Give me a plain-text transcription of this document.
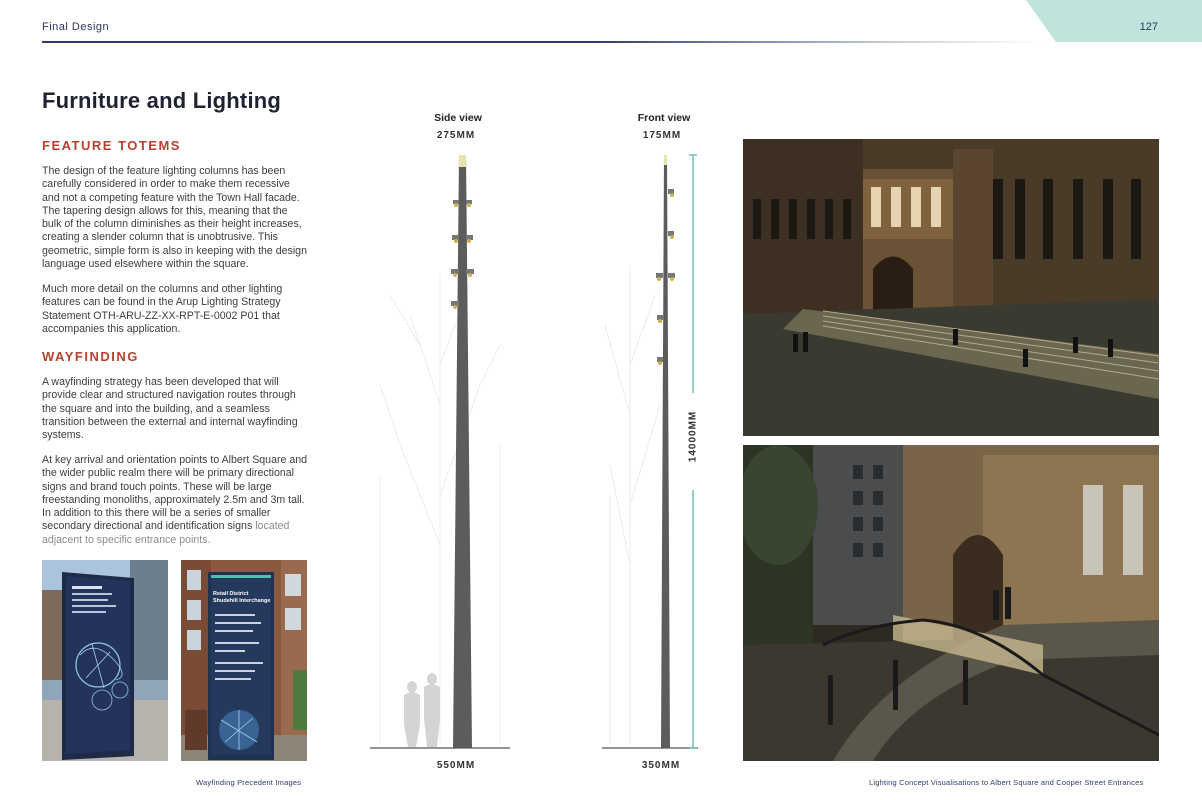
Final Design	127
Furniture and Lighting
FEATURE TOTEMS
The design of the feature lighting columns has been carefully considered in order to make them recessive and not a competing feature with the Town Hall facade. The tapering design allows for this, meaning that the bulk of the column diminishes as their height increases, creating a slender column that is unobtrusive. This geometric, simple form is also in keeping with the design language used elsewhere within the square.
Much more detail on the columns and other lighting features can be found in the Arup Lighting Strategy Statement OTH-ARU-ZZ-XX-RPT-E-0002 P01 that accompanies this application.
WAYFINDING
A wayfinding strategy has been developed that will provide clear and structured navigation routes through the square and into the building, and a seamless transition between the external and internal wayfinding systems.
At key arrival and orientation points to Albert Square and the wider public realm there will be primary directional signs and brand touch points. These will be large freestanding monoliths, approximately 2.5m and 3m tall. In addition to this there will be a series of smaller secondary directional and identification signs located adjacent to specific entrance points.
Retail District
Shudehill Interchange
Wayfinding Precedent Images
Side view
275MM
Front view
175MM
14000MM
550MM	350MM
Lighting Concept Visualisations to Albert Square and Cooper Street Entrances
